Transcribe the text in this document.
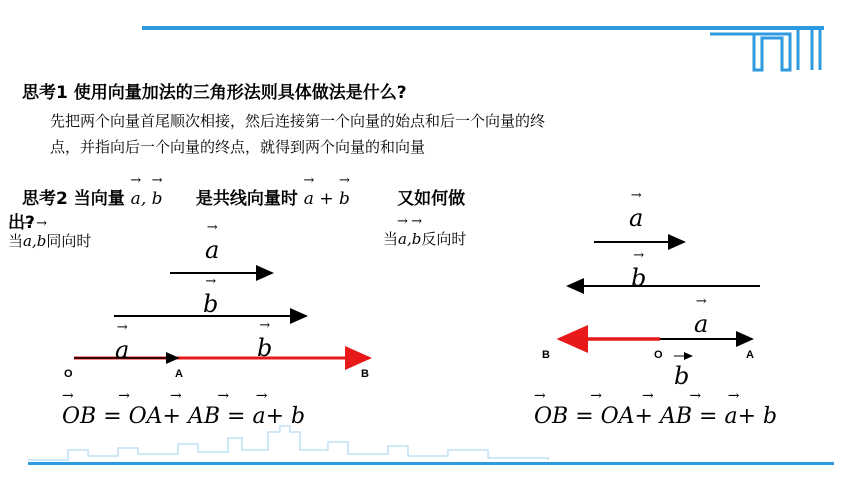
思考1 使用向量加法的三角形法则具体做法是什么?
先把两个向量首尾顺次相接，然后连接第一个向量的始点和后一个向量的终
点，并指向后一个向量的终点，就得到两个向量的和向量
思考2 当向量 → a, → b 是共线向量时 → a + → b	又如何做
出?
当→ a,→ b同向时	当→ a,→ b反向时
→ a
→ b
→ a	→ b
O	A	B
OB = OA+ AB = a+ b
→          →         →        →      →
→ a
→ b
→ a
b
B	O	A
OB = OA+ AB = a+ b
→          →         →        →      →
